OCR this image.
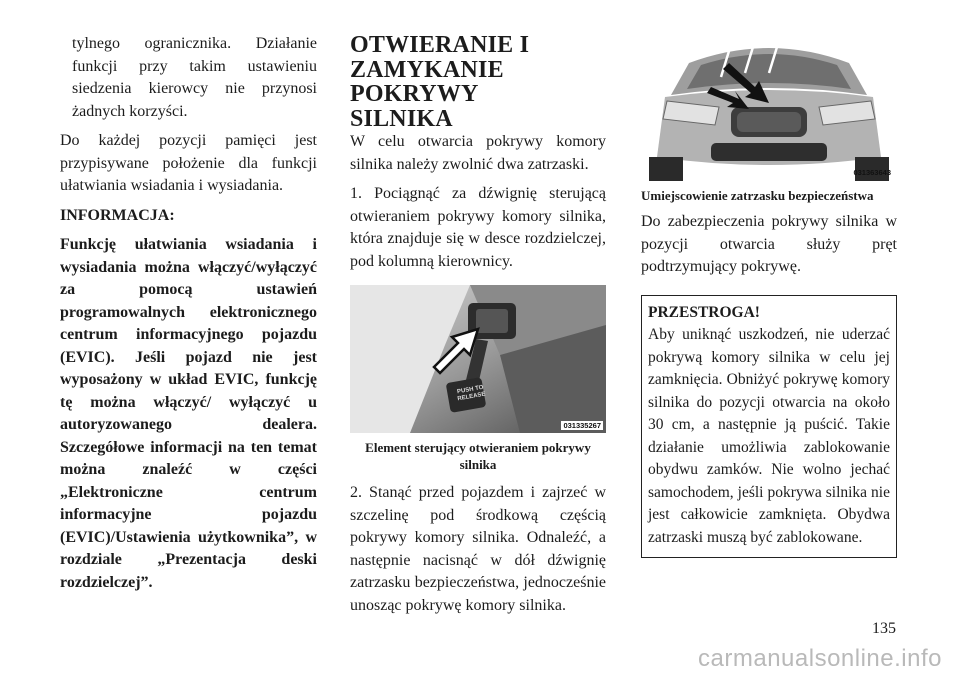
tylnego ogranicznika. Działanie funkcji przy takim ustawieniu siedzenia kierowcy nie przynosi żadnych korzyści.

Do każdej pozycji pamięci jest przypisywane położenie dla funkcji ułatwiania wsiadania i wysiadania.

INFORMACJA:

Funkcję ułatwiania wsiadania i wysiadania można włączyć/wyłączyć za pomocą ustawień programowalnych elektronicznego centrum informacyjnego pojazdu (EVIC). Jeśli pojazd nie jest wyposażony w układ EVIC, funkcję tę można włączyć/ wyłączyć u autoryzowanego dealera. Szczegółowe informacji na ten temat można znaleźć w części „Elektroniczne centrum informacyjne pojazdu (EVIC)/Ustawienia użytkownika”, w rozdziale „Prezentacja deski rozdzielczej”.

OTWIERANIE I
ZAMYKANIE POKRYWY
SILNIKA

W celu otwarcia pokrywy komory silnika należy zwolnić dwa zatrzaski.

1. Pociągnąć za dźwignię sterującą otwieraniem pokrywy komory silnika, która znajduje się w desce rozdzielczej, pod kolumną kierownicy.

PUSH TO RELEASE
031335267
Element sterujący otwieraniem pokrywy silnika

2. Stanąć przed pojazdem i zajrzeć w szczelinę pod środkową częścią pokrywy komory silnika. Odnaleźć, a następnie nacisnąć w dół dźwignię zatrzasku bezpieczeństwa, jednocześnie unosząc pokrywę komory silnika.

031363643
Umiejscowienie zatrzasku bezpieczeństwa

Do zabezpieczenia pokrywy silnika w pozycji otwarcia służy pręt podtrzymujący pokrywę.

PRZESTROGA!

Aby uniknąć uszkodzeń, nie uderzać pokrywą komory silnika w celu jej zamknięcia. Obniżyć pokrywę komory silnika do pozycji otwarcia na około 30 cm, a następnie ją puścić. Takie działanie umożliwia zablokowanie obydwu zamków. Nie wolno jechać samochodem, jeśli pokrywa silnika nie jest całkowicie zamknięta. Obydwa zatrzaski muszą być zablokowane.

135
carmanualsonline.info
